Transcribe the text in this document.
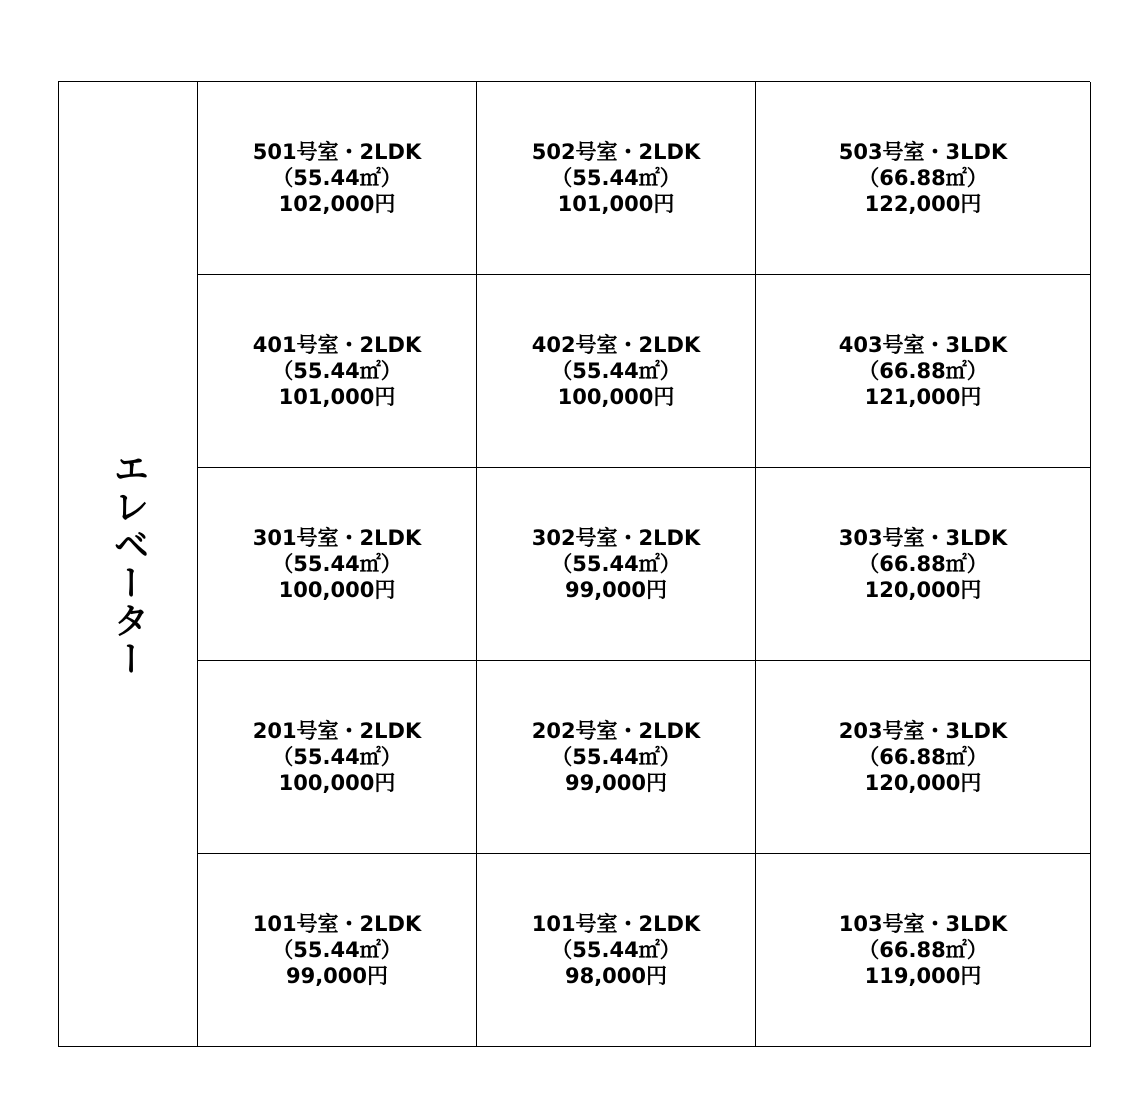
エレベーター
501号室・2LDK
（55.44㎡）
102,000円
502号室・2LDK
（55.44㎡）
101,000円
503号室・3LDK
（66.88㎡）
122,000円
401号室・2LDK
（55.44㎡）
101,000円
402号室・2LDK
（55.44㎡）
100,000円
403号室・3LDK
（66.88㎡）
121,000円
301号室・2LDK
（55.44㎡）
100,000円
302号室・2LDK
（55.44㎡）
99,000円
303号室・3LDK
（66.88㎡）
120,000円
201号室・2LDK
（55.44㎡）
100,000円
202号室・2LDK
（55.44㎡）
99,000円
203号室・3LDK
（66.88㎡）
120,000円
101号室・2LDK
（55.44㎡）
99,000円
101号室・2LDK
（55.44㎡）
98,000円
103号室・3LDK
（66.88㎡）
119,000円
